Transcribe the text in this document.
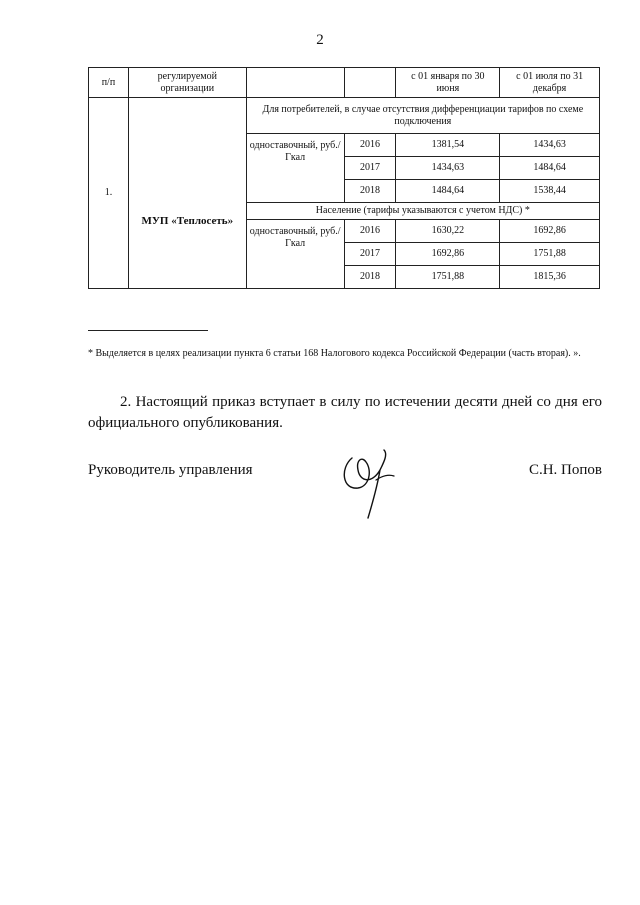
2
п/п	регулируемой организации			с 01 января по 30 июня	с 01 июля по 31 декабря
1.	МУП «Теплосеть»	Для потребителей, в случае отсутствия дифференциации тарифов по схеме подключения			
		одноставочный, руб./Гкал	2016	1381,54	1434,63
			2017	1434,63	1484,64
			2018	1484,64	1538,44
		Население (тарифы указываются с учетом НДС) *			
		одноставочный, руб./Гкал	2016	1630,22	1692,86
			2017	1692,86	1751,88
			2018	1751,88	1815,36
* Выделяется в целях реализации пункта 6 статьи 168 Налогового кодекса Российской Федерации (часть вторая). ».
2. Настоящий приказ вступает в силу по истечении десяти дней со дня его официального опубликования.
Руководитель управления	С.Н. Попов
